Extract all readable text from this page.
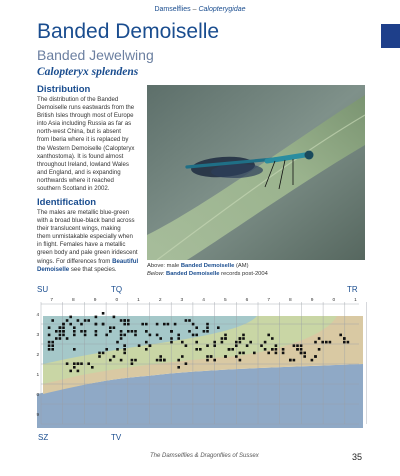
Damselflies – Calopterygidae
Banded Demoiselle
Banded Jewelwing
Calopteryx splendens
Distribution
The distribution of the Banded
Demoiselle runs eastwards from the
British Isles through most of Europe
into Asia including Russia as far as
north-west China, but is absent
from Iberia where it is replaced by
the Western Demoiselle (Calopteryx
xanthostoma). It is found almost
throughout Ireland, lowland Wales
and England, and is expanding
northwards where it reached
southern Scotland in 2002.
Identification
The males are metallic blue-green
with a broad blue-black band across
their translucent wings, making
them unmistakable especially when
in flight. Females have a metallic
green body and pale green iridescent
wings. For differences from Beautiful
Demoiselle see that species.	Above: male Banded Demoiselle (AM)
Below: Banded Demoiselle records post-2004
7	8	9	0	1	2	3	4	5	6	7	8	9	0	1
4
3
2
1
0
9
SU	TQ	TR
SZ	TV
The Damselflies & Dragonflies of Sussex	35
